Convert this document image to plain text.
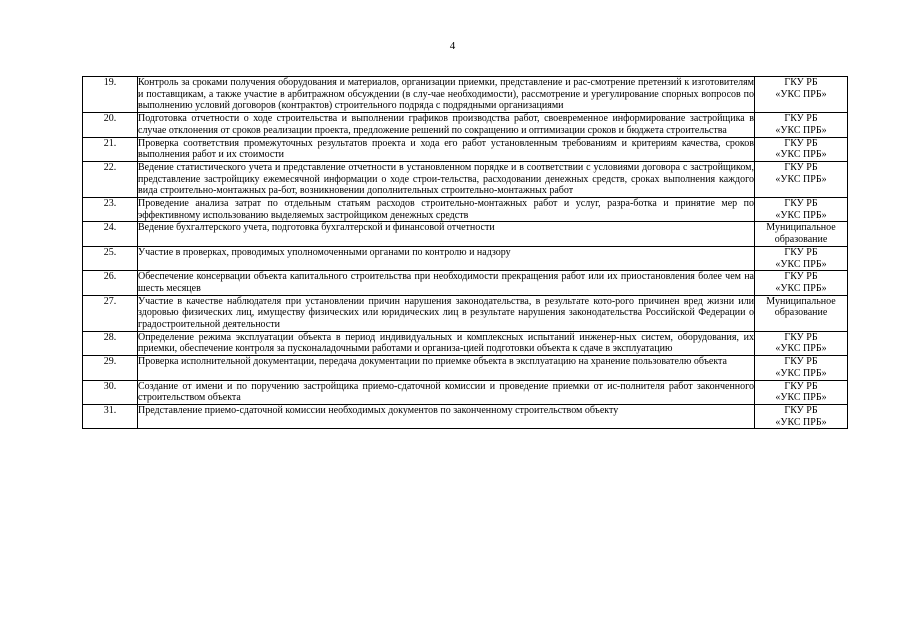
4
19.	Контроль за сроками получения оборудования и материалов, организации приемки, представление и рас-смотрение претензий к изготовителям и поставщикам, а также участие в арбитражном обсуждении (в слу-чае необходимости), рассмотрение и урегулирование спорных вопросов по выполнению условий договоров (контрактов) строительного подряда с подрядными организациями	ГКУ РБ
«УКС ПРБ»
20.	Подготовка отчетности о ходе строительства и выполнении графиков производства работ, своевременное информирование застройщика в случае отклонения от сроков реализации проекта, предложение решений по сокращению и оптимизации сроков и бюджета строительства	ГКУ РБ
«УКС ПРБ»
21.	Проверка соответствия промежуточных результатов проекта и хода его работ установленным требованиям и критериям качества, сроков выполнения работ и их стоимости	ГКУ РБ
«УКС ПРБ»
22.	Ведение статистического учета и представление отчетности в установленном порядке и в соответствии с условиями договора с застройщиком, представление застройщику ежемесячной информации о ходе строи-тельства, расходовании денежных средств, сроках выполнения каждого вида строительно-монтажных ра-бот, возникновении дополнительных строительно-монтажных работ	ГКУ РБ
«УКС ПРБ»
23.	Проведение анализа затрат по отдельным статьям расходов строительно-монтажных работ и услуг, разра-ботка и принятие мер по эффективному использованию выделяемых застройщиком денежных средств	ГКУ РБ
«УКС ПРБ»
24.	Ведение бухгалтерского учета, подготовка бухгалтерской и финансовой отчетности	Муниципальное
образование
25.	Участие в проверках, проводимых уполномоченными органами по контролю и надзору	ГКУ РБ
«УКС ПРБ»
26.	Обеспечение консервации объекта капитального строительства при необходимости прекращения работ или их приостановления более чем на шесть месяцев	ГКУ РБ
«УКС ПРБ»
27.	Участие в качестве наблюдателя при установлении причин нарушения законодательства, в результате кото-рого причинен вред жизни или здоровью физических лиц, имуществу физических или юридических лиц в результате нарушения законодательства Российской Федерации о градостроительной деятельности	Муниципальное
образование
28.	Определение режима эксплуатации объекта в период индивидуальных и комплексных испытаний инженер-ных систем, оборудования, их приемки, обеспечение контроля за пусконаладочными работами и организа-цией подготовки объекта к сдаче в эксплуатацию	ГКУ РБ
«УКС ПРБ»
29.	Проверка исполнительной документации, передача документации по приемке объекта в эксплуатацию на хранение пользователю объекта	ГКУ РБ
«УКС ПРБ»
30.	Создание от имени и по поручению застройщика приемо-сдаточной комиссии и проведение приемки от ис-полнителя работ законченного строительством объекта	ГКУ РБ
«УКС ПРБ»
31.	Представление приемо-сдаточной комиссии необходимых документов по законченному строительством объекту	ГКУ РБ
«УКС ПРБ»
